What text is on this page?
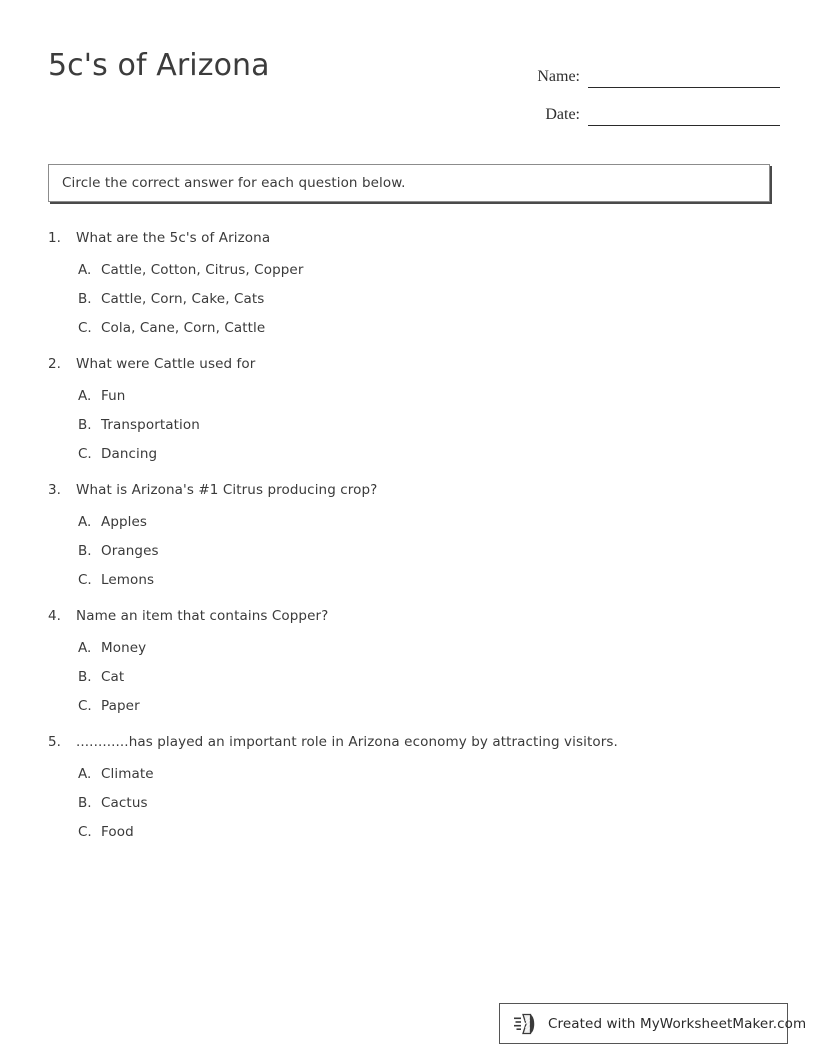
5c's of Arizona	Name:
Date:
Circle the correct answer for each question below.
1.	What are the 5c's of Arizona
A. Cattle, Cotton, Citrus, Copper
B. Cattle, Corn, Cake, Cats
C. Cola, Cane, Corn, Cattle
2.	What were Cattle used for
A. Fun
B. Transportation
C. Dancing
3.	What is Arizona's #1 Citrus producing crop?
A. Apples
B. Oranges
C. Lemons
4.	Name an item that contains Copper?
A. Money
B. Cat
C. Paper
5.	............has played an important role in Arizona economy by attracting visitors.
A. Climate
B. Cactus
C. Food
Created with MyWorksheetMaker.com
